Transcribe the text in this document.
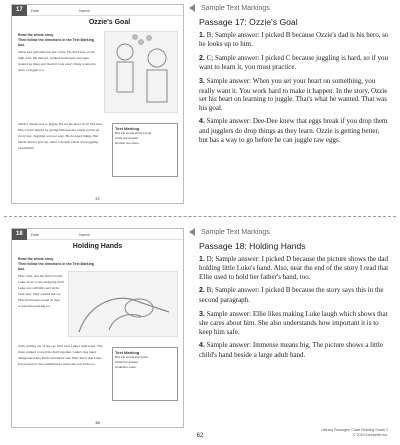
17	Date	Name
Ozzie's Goal
Read the whole story.
Then follow the directions in the Text Marking box.
Ozzie had performed in the circus. He did tricks on the high wire. He danced, walked backwards and spun around up there and made it look easy! Ozzie wanted to learn to juggle too.
Ozzie's dream was to juggle. He set his heart on it! The Dee-Dee Clown helped by giving him lessons. Ozzie practiced every day. Juggling was not easy. He dropped things. But Ozzie did not give up. After a month, Ozzie was juggling beautifully!
Text Marking
Box the words Ozzie's goal.
Circle the answer.
Number the clues.
37
18	Date	Name
Holding Hands
Read the whole story.
Then follow the directions in the Text Marking box.
Ellie, Dad, and her little brother Luke drove to the shopping mall. Luke was still little and in the back seat. They parked the car. Ellie held Luke's hand as they crossed the parking lot.
After getting out of the car, Dad took Luke's right hand. The three walked toward the mall together. Luke's tiny hand disappeared into Dad's enormous one. Ellie knew that Luke felt protected. She remembered when she was little too.
Text Marking
Box the words that show.
Circle the answer.
Underline clues.
38
Sample Text Markings
Sample Text Markings
Passage 17: Ozzie's Goal

1. B; Sample answer: I picked B because Ozzie's dad is his hero, so he looks up to him.

2. C; Sample answer: I picked C because juggling is hard, so if you want to learn it, you must practice.

3. Sample answer: When you set your heart on something, you really want it. You work hard to make it happen. In the story, Ozzie set his heart on learning to juggle. That's what he wanted. That was his goal.

4. Sample answer: Dee-Dee knew that eggs break if you drop them and jugglers do drop things as they learn. Ozzie is getting better, but has a way to go before he can juggle raw eggs.

Passage 18: Holding Hands

1. D; Sample answer: I picked D because the picture shows the dad holding little Luke's hand. Also, near the end of the story I read that Ellie used to hold her father's hand, too.

2. B; Sample answer: I picked B because the story says this in the second paragraph.

3. Sample answer: Ellie likes making Luke laugh which shows that she cares about him. She also understands how important it is to keep him safe.

4. Sample answer: Immense means big. The picture shows a little child's hand beside a large adult hand.

62
Literacy Passages: Close Reading Grade 2
© 2015 Scholastic Inc.
